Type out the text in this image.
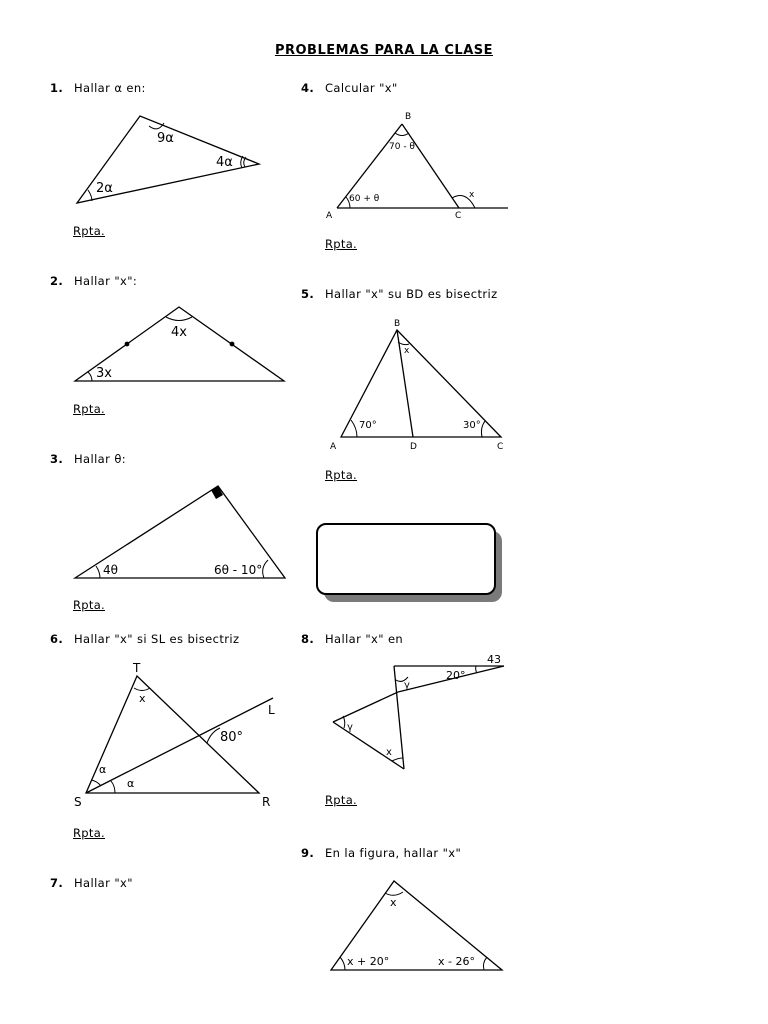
PROBLEMAS PARA LA CLASE
1. Hallar α en:
9α
4α
2α
Rpta.
2. Hallar "x":
4x
3x
Rpta.
3. Hallar θ:
4θ	6θ - 10°
Rpta.
4. Calcular "x"
B
A	C
70 - θ
60 + θ	x
Rpta.
5. Hallar "x" su BD es bisectriz
B
A	D	C
x
70°	30°
Rpta.
6. Hallar "x" si SL es bisectriz
T
L
S	R
x
α
α
80°
Rpta.
7. Hallar "x"
8. Hallar "x" en
43
20°
γ
γ
x
Rpta.
9. En la figura, hallar "x"
x
x + 20°	x - 26°
